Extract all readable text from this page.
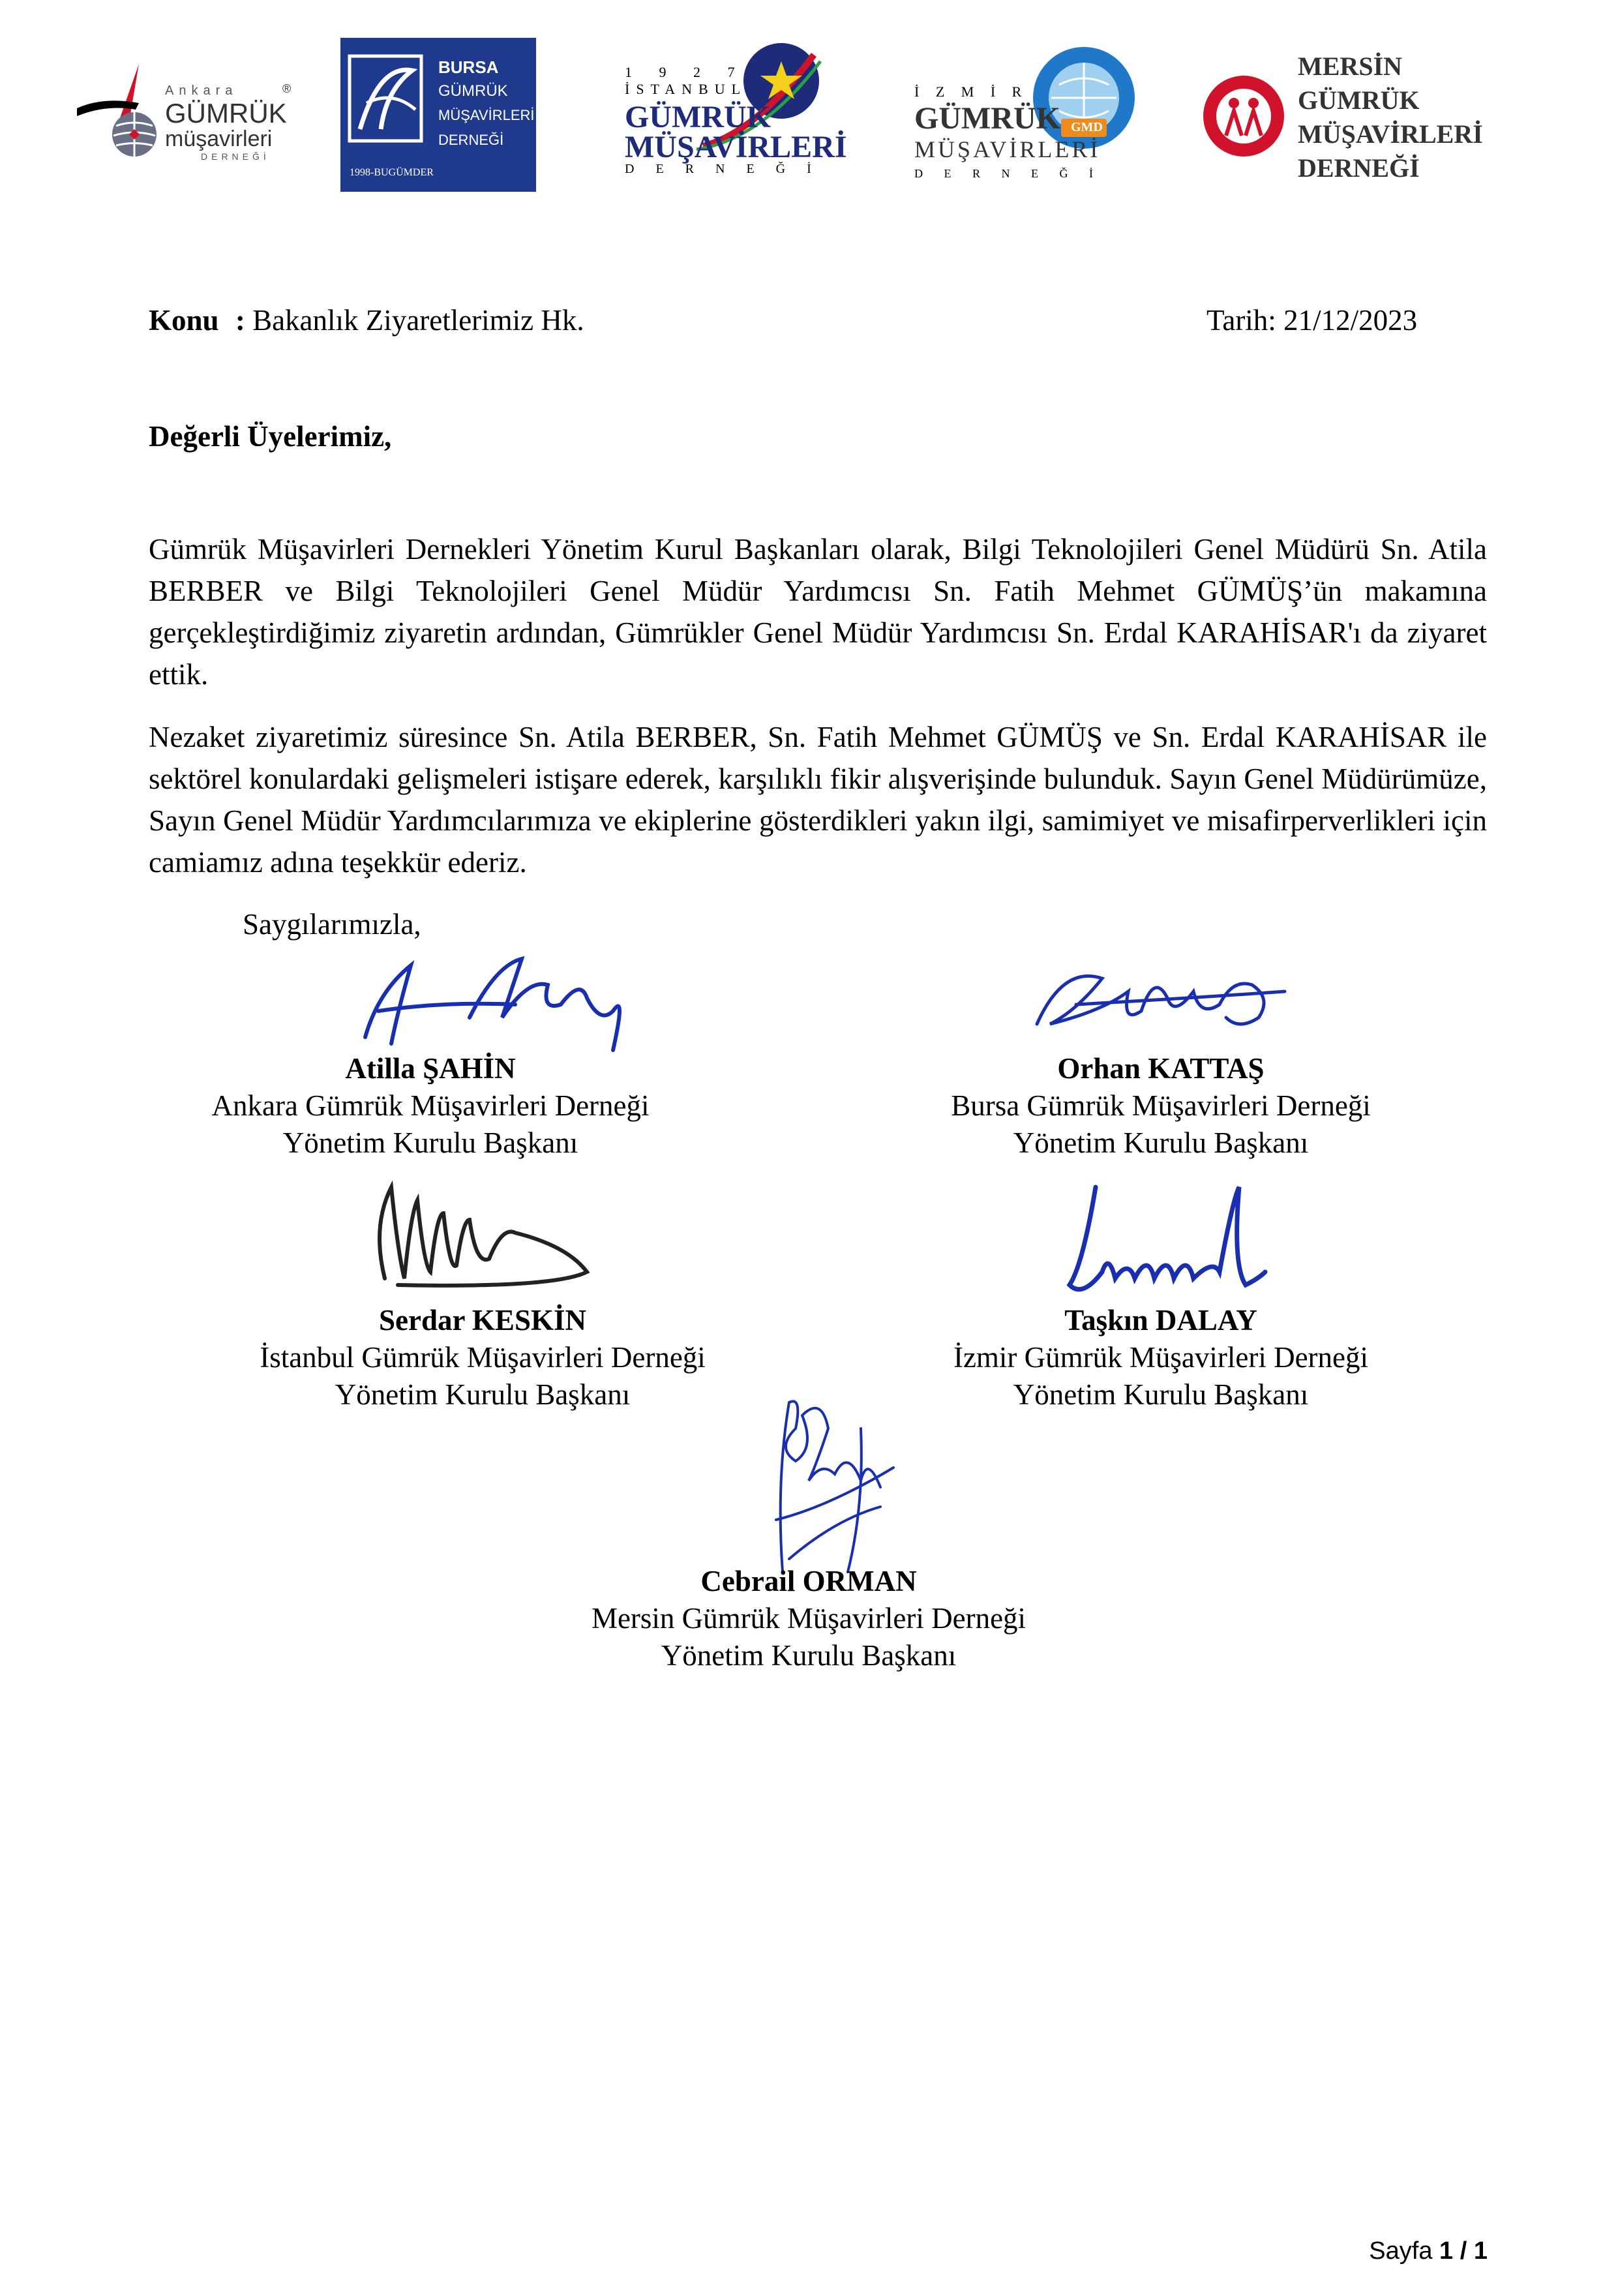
Ankara
GÜMRÜK
müşavirleri
DERNEĞİ
®
BURSA
GÜMRÜK
MÜŞAVİRLERİ
DERNEĞİ
1998-BUGÜMDER
1 9 2 7
İSTANBUL
GÜMRÜK
MÜŞAVİRLERİ
D E R N E Ğ İ
GMD
İ Z M İ R
GÜMRÜK
MÜŞAVİRLERİ
D E R N E Ğ İ
MERSİN
GÜMRÜK
MÜŞAVİRLERİ
DERNEĞİ
Konu : Bakanlık Ziyaretlerimiz Hk.	Tarih: 21/12/2023
Değerli Üyelerimiz,
Gümrük Müşavirleri Dernekleri Yönetim Kurul Başkanları olarak, Bilgi Teknolojileri Genel Müdürü Sn. Atila BERBER ve Bilgi Teknolojileri Genel Müdür Yardımcısı Sn. Fatih Mehmet GÜMÜŞ’ün makamına gerçekleştirdiğimiz ziyaretin ardından, Gümrükler Genel Müdür Yardımcısı Sn. Erdal KARAHİSAR'ı da ziyaret ettik.
Nezaket ziyaretimiz süresince Sn. Atila BERBER, Sn. Fatih Mehmet GÜMÜŞ ve Sn. Erdal KARAHİSAR ile sektörel konulardaki gelişmeleri istişare ederek, karşılıklı fikir alışverişinde bulunduk. Sayın Genel Müdürümüze, Sayın Genel Müdür Yardımcılarımıza ve ekiplerine gösterdikleri yakın ilgi, samimiyet ve misafirperverlikleri için camiamız adına teşekkür ederiz.
Saygılarımızla,
Atilla ŞAHİN
Ankara Gümrük Müşavirleri Derneği
Yönetim Kurulu Başkanı
Orhan KATTAŞ
Bursa Gümrük Müşavirleri Derneği
Yönetim Kurulu Başkanı
Serdar KESKİN
İstanbul Gümrük Müşavirleri Derneği
Yönetim Kurulu Başkanı
Taşkın DALAY
İzmir Gümrük Müşavirleri Derneği
Yönetim Kurulu Başkanı
Cebrail ORMAN
Mersin Gümrük Müşavirleri Derneği
Yönetim Kurulu Başkanı
Sayfa 1 / 1
